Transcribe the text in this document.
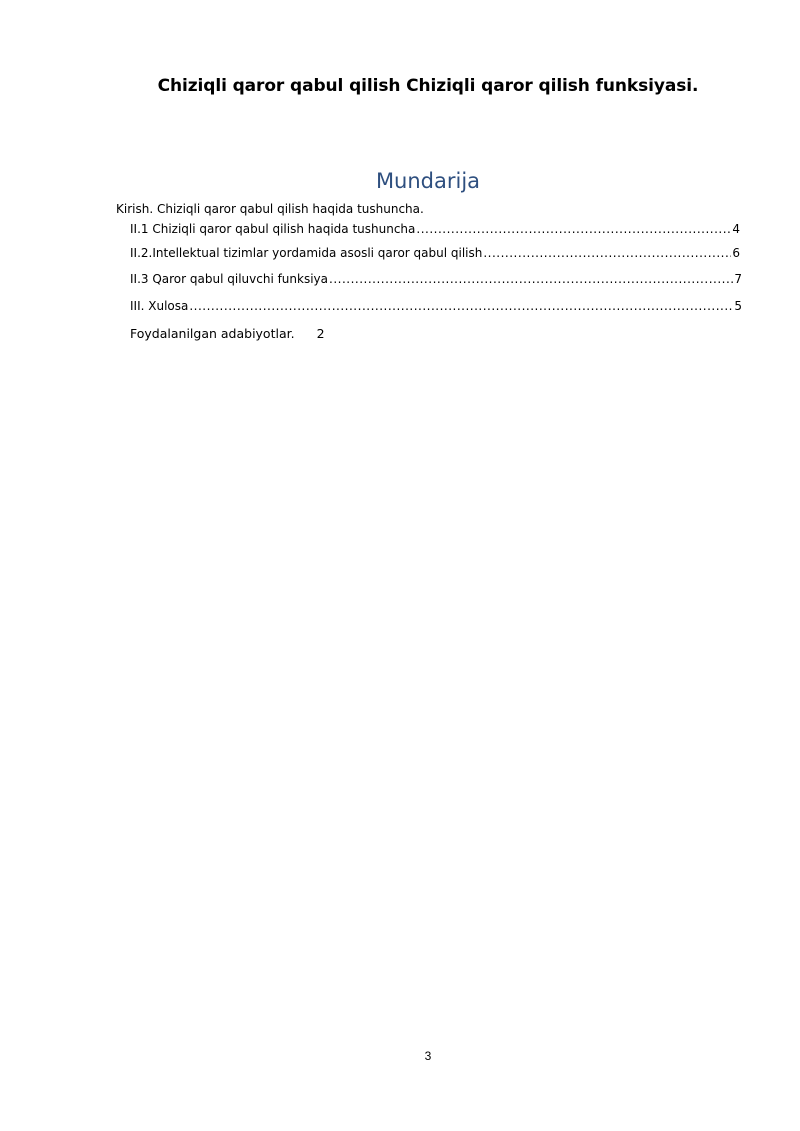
Chiziqli qaror qabul qilish Chiziqli qaror qilish funksiyasi.
Mundarija
Kirish. Chiziqli qaror qabul qilish haqida tushuncha.
II.1 Chiziqli qaror qabul qilish haqida tushuncha .....	4
II.2.Intellektual tizimlar yordamida asosli qaror qabul qilish .....	6
II.3 Qaror qabul qiluvchi funksiya .....	7
III. Xulosa .....	5
Foydalanilgan adabiyotlar. 2
3
